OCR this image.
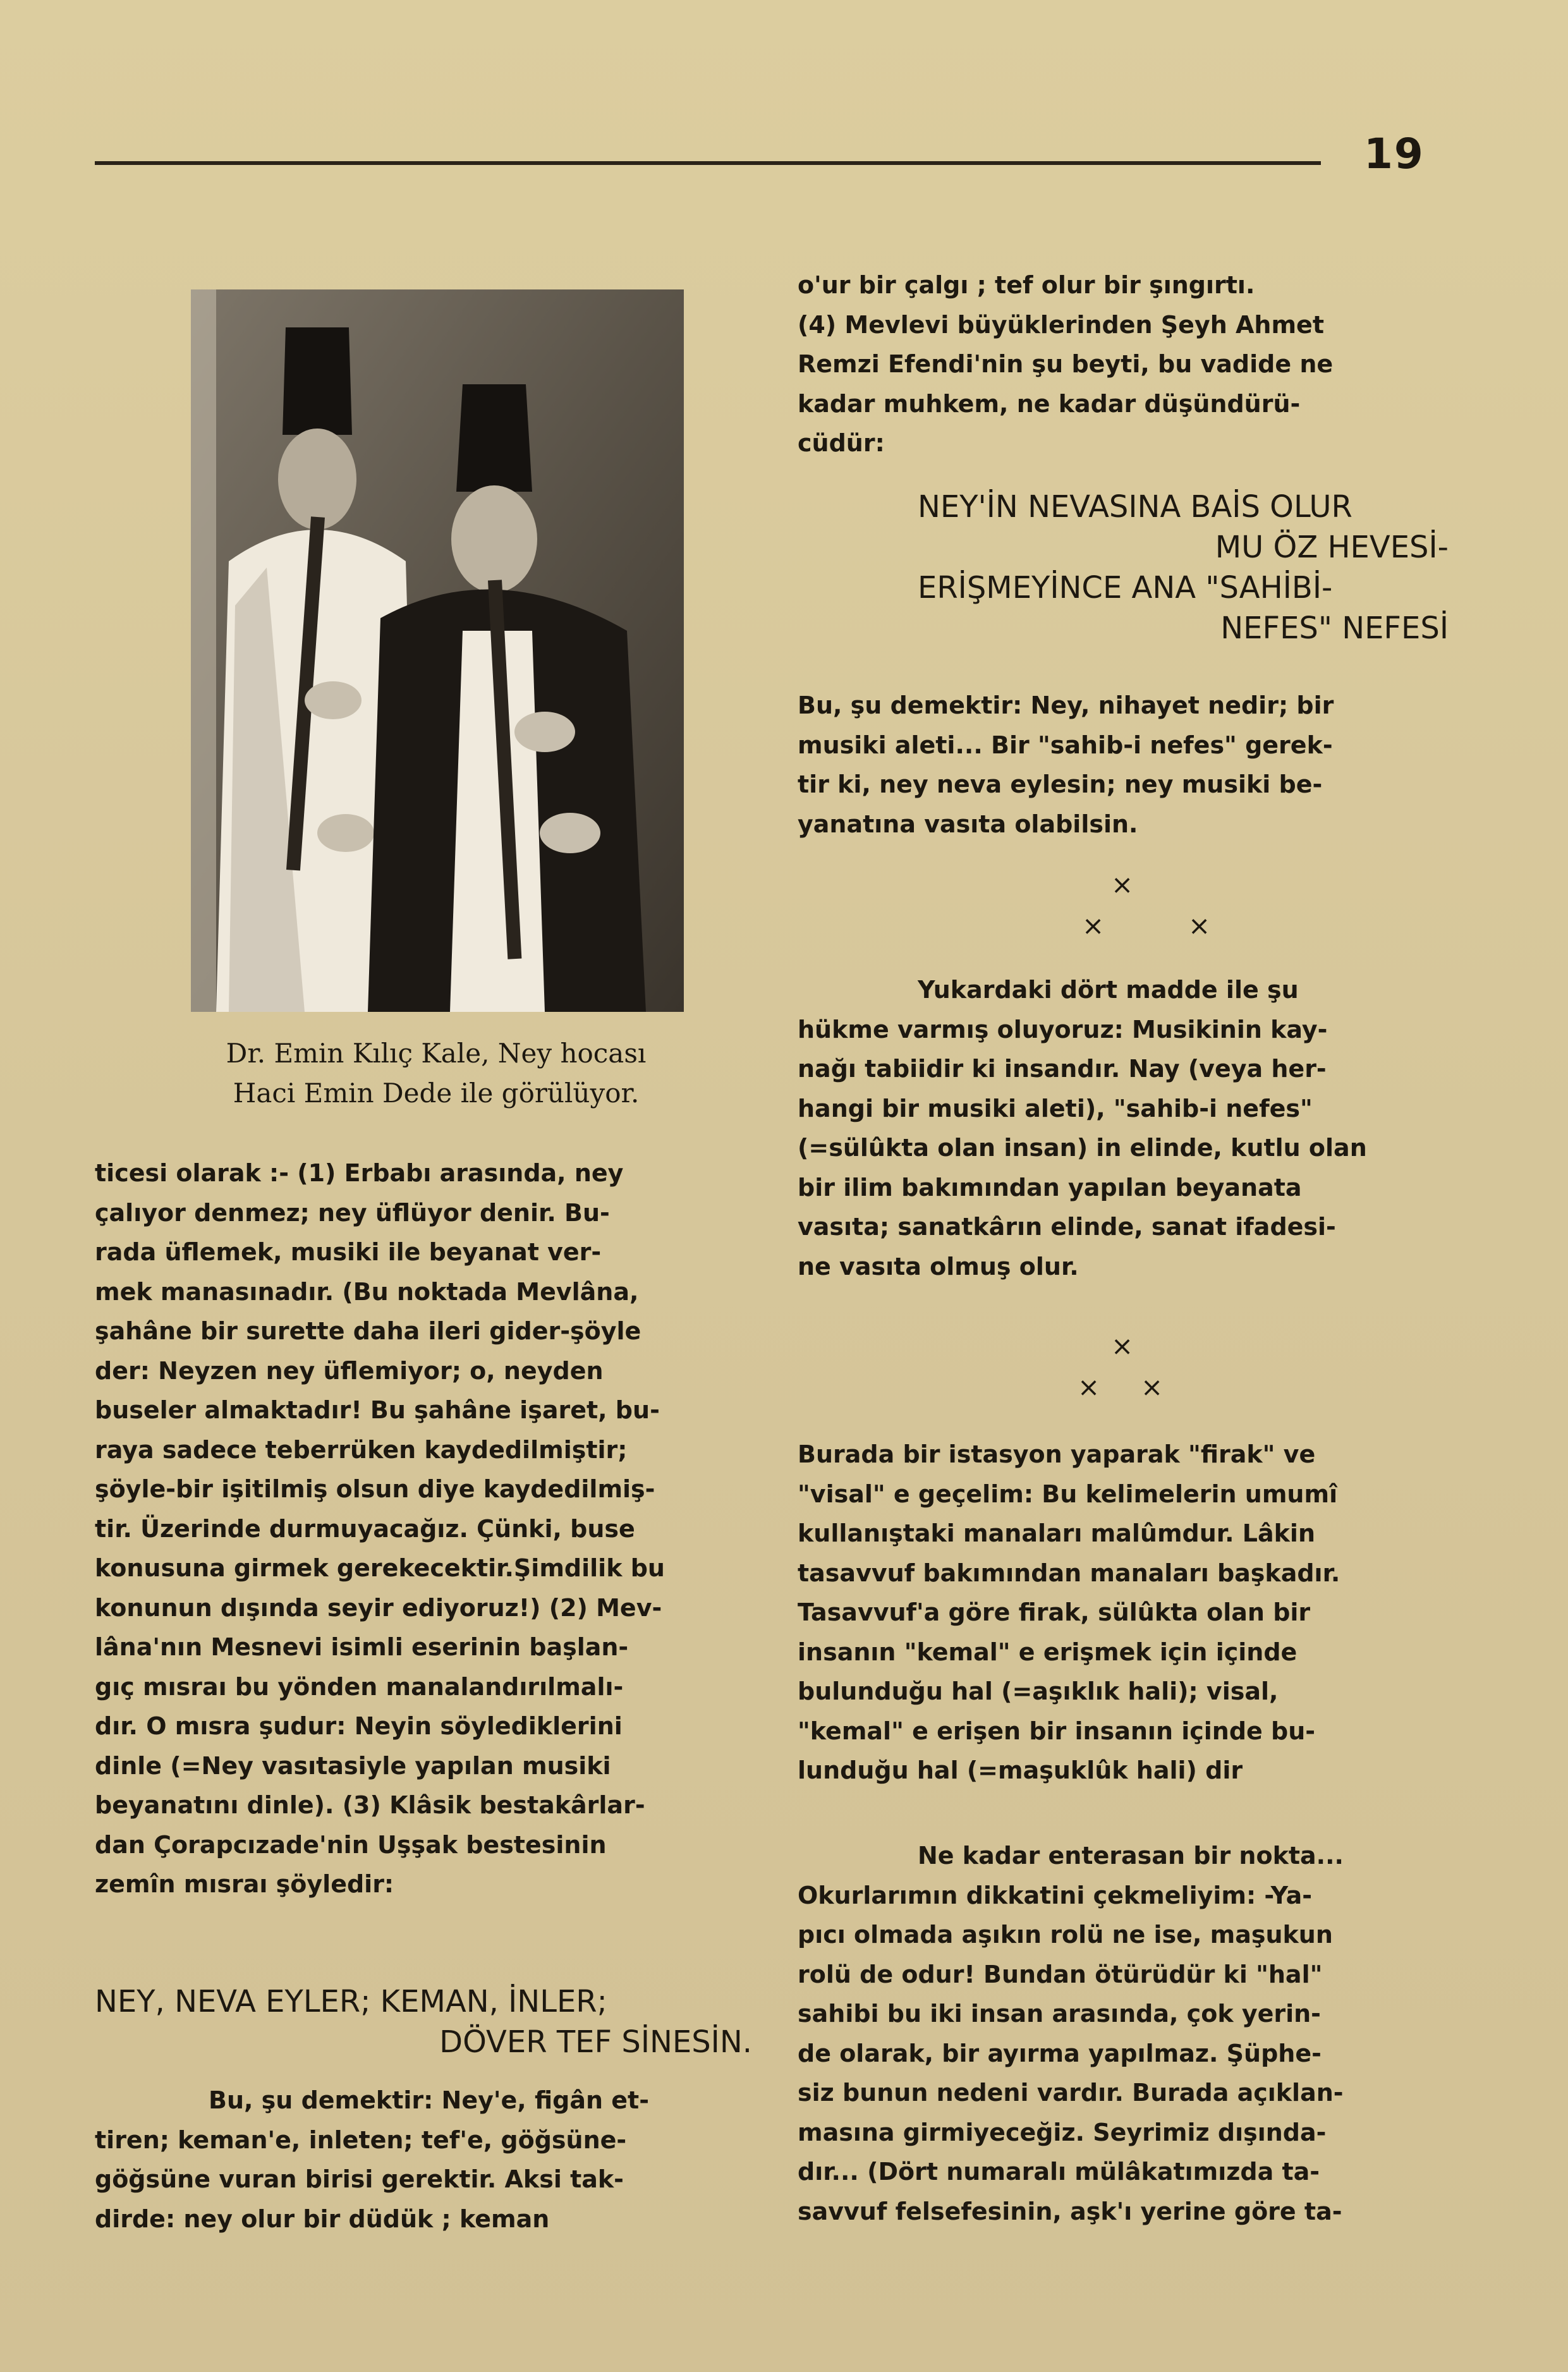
19
Dr. Emin Kılıç Kale, Ney hocası
Haci Emin Dede ile görülüyor.
ticesi olarak :- (1) Erbabı arasında, ney
çalıyor denmez; ney üflüyor denir. Bu-
rada üflemek, musiki ile beyanat ver-
mek manasınadır. (Bu noktada Mevlâna,
şahâne bir surette daha ileri gider-şöyle
der: Neyzen ney üflemiyor; o, neyden
buseler almaktadır! Bu şahâne işaret, bu-
raya sadece teberrüken kaydedilmiştir;
şöyle-bir işitilmiş olsun diye kaydedilmiş-
tir. Üzerinde durmuyacağız. Çünki, buse
konusuna girmek gerekecektir.Şimdilik bu
konunun dışında seyir ediyoruz!) (2) Mev-
lâna'nın Mesnevi isimli eserinin başlan-
gıç mısraı bu yönden manalandırılmalı-
dır. O mısra şudur: Neyin söylediklerini
dinle (=Ney vasıtasiyle yapılan musiki
beyanatını dinle). (3) Klâsik bestakârlar-
dan Çorapcızade'nin Uşşak bestesinin
zemîn mısraı şöyledir:
NEY, NEVA EYLER; KEMAN, İNLER;
DÖVER TEF SİNESİN.
Bu, şu demektir: Ney'e, figân et-
tiren; keman'e, inleten; tef'e, göğsüne-
göğsüne vuran birisi gerektir. Aksi tak-
dirde: ney olur bir düdük ; keman
o'ur bir çalgı ; tef olur bir şıngırtı.
(4) Mevlevi büyüklerinden Şeyh Ahmet
Remzi Efendi'nin şu beyti, bu vadide ne
kadar muhkem, ne kadar düşündürü-
cüdür:
NEY'İN NEVASINA BAİS OLUR
MU ÖZ HEVESİ-
ERİŞMEYİNCE ANA "SAHİBİ-
NEFES" NEFESİ
Bu, şu demektir: Ney, nihayet nedir; bir
musiki aleti... Bir "sahib-i nefes" gerek-
tir ki, ney neva eylesin; ney musiki be-
yanatına vasıta olabilsin.
×
×	×
Yukardaki dört madde ile şu
hükme varmış oluyoruz: Musikinin kay-
nağı tabiidir ki insandır. Nay (veya her-
hangi bir musiki aleti), "sahib-i nefes"
(=sülûkta olan insan) in elinde, kutlu olan
bir ilim bakımından yapılan beyanata
vasıta; sanatkârın elinde, sanat ifadesi-
ne vasıta olmuş olur.
×
× ×
Burada bir istasyon yaparak "firak" ve
"visal" e geçelim: Bu kelimelerin umumî
kullanıştaki manaları malûmdur. Lâkin
tasavvuf bakımından manaları başkadır.
Tasavvuf'a göre firak, sülûkta olan bir
insanın "kemal" e erişmek için içinde
bulunduğu hal (=aşıklık hali); visal,
"kemal" e erişen bir insanın içinde bu-
lunduğu hal (=maşuklûk hali) dir
Ne kadar enterasan bir nokta...
Okurlarımın dikkatini çekmeliyim: -Ya-
pıcı olmada aşıkın rolü ne ise, maşukun
rolü de odur! Bundan ötürüdür ki "hal"
sahibi bu iki insan arasında, çok yerin-
de olarak, bir ayırma yapılmaz. Şüphe-
siz bunun nedeni vardır. Burada açıklan-
masına girmiyeceğiz. Seyrimiz dışında-
dır... (Dört numaralı mülâkatımızda ta-
savvuf felsefesinin, aşk'ı yerine göre ta-
